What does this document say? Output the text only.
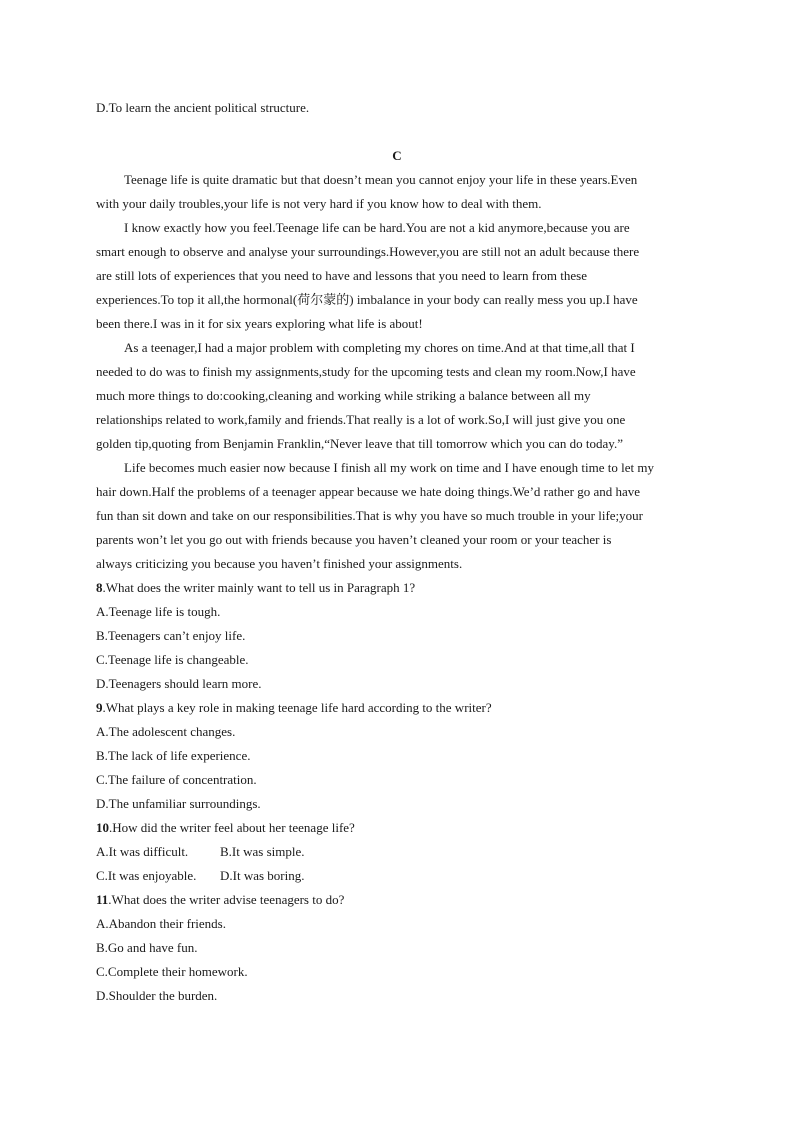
D.To learn the ancient political structure.
C
Teenage life is quite dramatic but that doesn’t mean you cannot enjoy your life in these years.Even
with your daily troubles,your life is not very hard if you know how to deal with them.
I know exactly how you feel.Teenage life can be hard.You are not a kid anymore,because you are
smart enough to observe and analyse your surroundings.However,you are still not an adult because there
are still lots of experiences that you need to have and lessons that you need to learn from these
experiences.To top it all,the hormonal(荷尔蒙的) imbalance in your body can really mess you up.I have
been there.I was in it for six years exploring what life is about!
As a teenager,I had a major problem with completing my chores on time.And at that time,all that I
needed to do was to finish my assignments,study for the upcoming tests and clean my room.Now,I have
much more things to do:cooking,cleaning and working while striking a balance between all my
relationships related to work,family and friends.That really is a lot of work.So,I will just give you one
golden tip,quoting from Benjamin Franklin,“Never leave that till tomorrow which you can do today.”
Life becomes much easier now because I finish all my work on time and I have enough time to let my
hair down.Half the problems of a teenager appear because we hate doing things.We’d rather go and have
fun than sit down and take on our responsibilities.That is why you have so much trouble in your life;your
parents won’t let you go out with friends because you haven’t cleaned your room or your teacher is
always criticizing you because you haven’t finished your assignments.
8.What does the writer mainly want to tell us in Paragraph 1?
A.Teenage life is tough.
B.Teenagers can’t enjoy life.
C.Teenage life is changeable.
D.Teenagers should learn more.
9.What plays a key role in making teenage life hard according to the writer?
A.The adolescent changes.
B.The lack of life experience.
C.The failure of concentration.
D.The unfamiliar surroundings.
10.How did the writer feel about her teenage life?
A.It was difficult. B.It was simple.
C.It was enjoyable. D.It was boring.
11.What does the writer advise teenagers to do?
A.Abandon their friends.
B.Go and have fun.
C.Complete their homework.
D.Shoulder the burden.
